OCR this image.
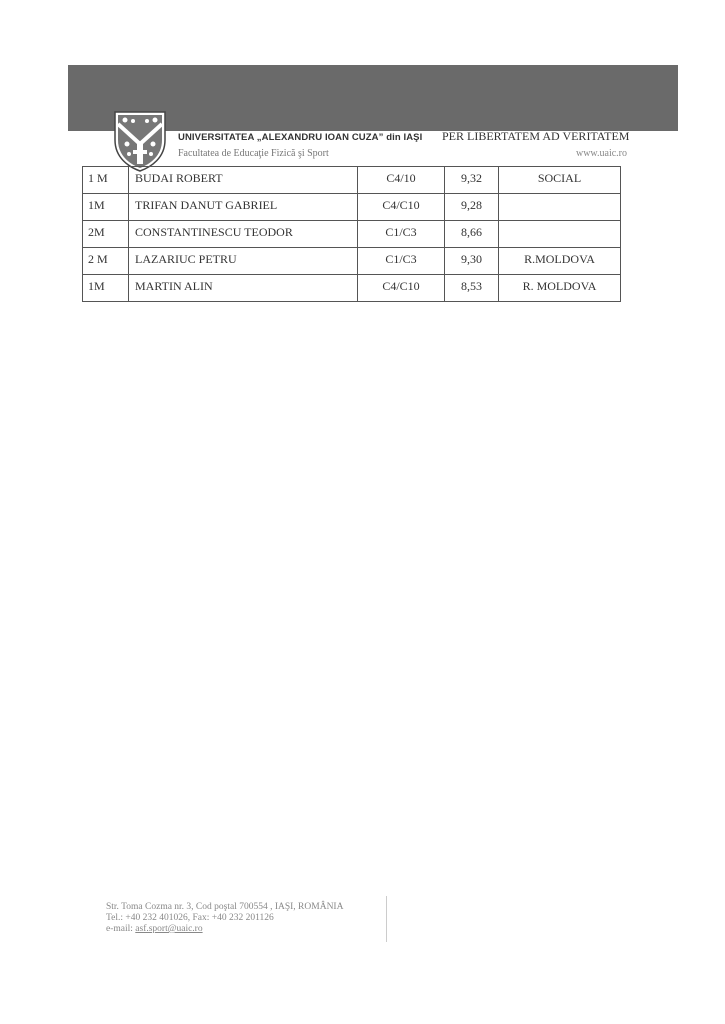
UNIVERSITATEA „ALEXANDRU IOAN CUZA” din IAŞI PER LIBERTATEM AD VERITATEM
Facultatea de Educaţie Fizică şi Sport	www.uaic.ro
1 M	BUDAI ROBERT	C4/10	9,32	SOCIAL
1M	TRIFAN DANUT GABRIEL	C4/C10	9,28	
2M	CONSTANTINESCU TEODOR	C1/C3	8,66	
2 M	LAZARIUC PETRU	C1/C3	9,30	R.MOLDOVA
1M	MARTIN ALIN	C4/C10	8,53	R. MOLDOVA
Str. Toma Cozma nr. 3, Cod poştal 700554 , IAŞI, ROMÂNIA
Tel.: +40 232 401026, Fax: +40 232 201126
e-mail: asf.sport@uaic.ro
